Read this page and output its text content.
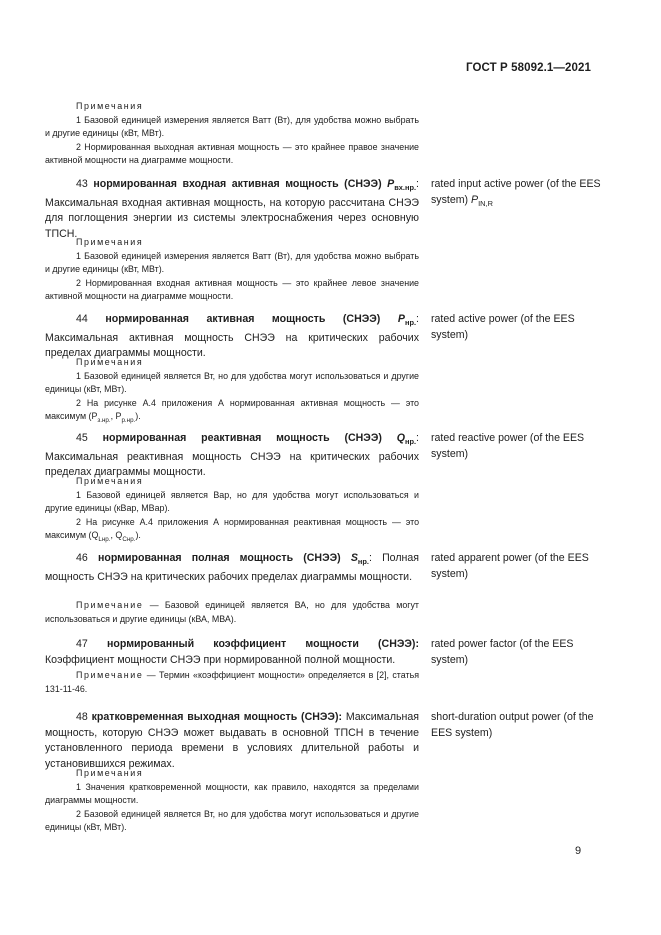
ГОСТ Р 58092.1—2021

Примечания

1 Базовой единицей измерения является Ватт (Вт), для удобства можно выбрать и другие единицы (кВт, МВт).

2 Нормированная выходная активная мощность — это крайнее правое значение активной мощности на диаграмме мощности.

43 нормированная входная активная мощность (СНЭЭ) $P_{вх.нр.}$: Максимальная входная активная мощность, на которую рассчитана СНЭЭ для поглощения энергии из системы электроснабжения через основную ТПСН.

rated input active power (of the EES system) $P_{IN,R}$

Примечания

1 Базовой единицей измерения является Ватт (Вт), для удобства можно выбрать и другие единицы (кВт, МВт).

2 Нормированная входная активная мощность — это крайнее левое значение активной мощности на диаграмме мощности.

44 нормированная активная мощность (СНЭЭ) $P_{нр.}$: Максимальная активная мощность СНЭЭ на критических рабочих пределах диаграммы мощности.

rated active power (of the EES system)

Примечания

1 Базовой единицей является Вт, но для удобства могут использоваться и другие единицы (кВт, МВт).

2 На рисунке А.4 приложения А нормированная активная мощность — это максимум ($P_{з.нр.}$, $P_{р.нр.}$).

45 нормированная реактивная мощность (СНЭЭ) $Q_{нр.}$: Максимальная реактивная мощность СНЭЭ на критических рабочих пределах диаграммы мощности.

rated reactive power (of the EES system)

Примечания

1 Базовой единицей является Вар, но для удобства могут использоваться и другие единицы (кВар, МВар).

2 На рисунке А.4 приложения А нормированная реактивная мощность — это максимум ($Q_{Lнр.}$, $Q_{Снр.}$).

46 нормированная полная мощность (СНЭЭ) $S_{нр.}$: Полная мощность СНЭЭ на критических рабочих пределах диаграммы мощности.

rated apparent power (of the EES system)

Примечание — Базовой единицей является ВА, но для удобства могут использоваться и другие единицы (кВА, МВА).

47 нормированный коэффициент мощности (СНЭЭ): Коэффициент мощности СНЭЭ при нормированной полной мощности.

rated power factor (of the EES system)

Примечание — Термин «коэффициент мощности» определяется в [2], статья 131-11-46.

48 кратковременная выходная мощность (СНЭЭ): Максимальная мощность, которую СНЭЭ может выдавать в основной ТПСН в течение установленного периода времени в условиях длительной работы и установившихся режимах.

short-duration output power (of the EES system)

Примечания

1 Значения кратковременной мощности, как правило, находятся за пределами диаграммы мощности.

2 Базовой единицей является Вт, но для удобства могут использоваться и другие единицы (кВт, МВт).

9
